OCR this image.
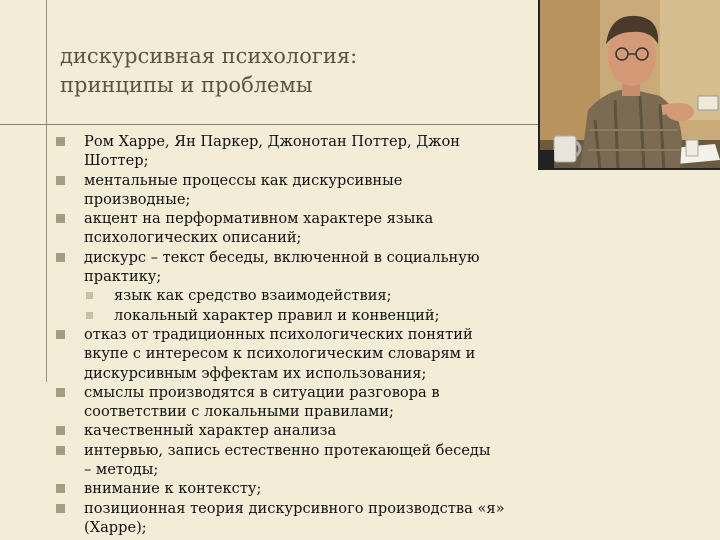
дискурсивная психология:
принципы и проблемы
Ром Харре, Ян Паркер, Джонотан Поттер, Джон
Шоттер;
ментальные процессы как дискурсивные
производные;
акцент на перформативном характере языка
психологических описаний;
дискурс – текст беседы, включенной в социальную
практику;
язык как средство взаимодействия;
локальный характер правил и конвенций;
отказ от традиционных психологических понятий
вкупе с интересом к психологическим словарям и
дискурсивным эффектам их использования;
смыслы производятся в ситуации разговора в
соответствии с локальными правилами;
качественный характер анализа
интервью, запись естественно протекающей беседы
– методы;
внимание к контексту;
позиционная теория дискурсивного производства «я»
(Харре);
